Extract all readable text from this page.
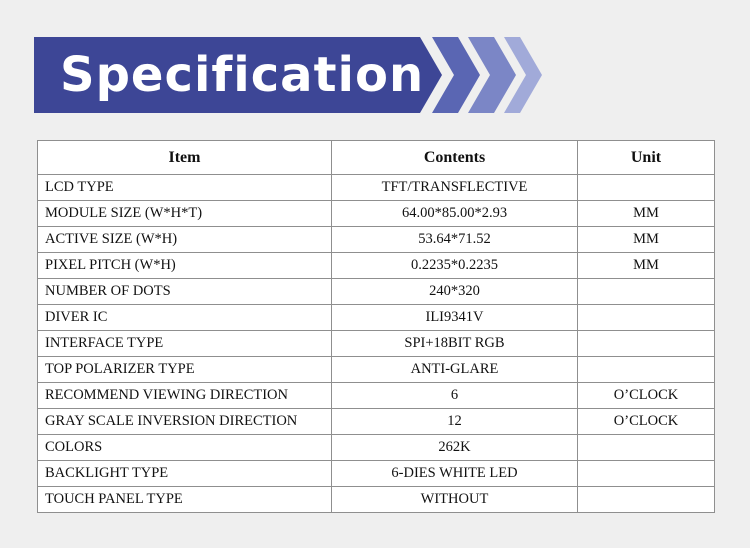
Specification
Item	Contents	Unit
LCD TYPE	TFT/TRANSFLECTIVE	
MODULE SIZE (W*H*T)	64.00*85.00*2.93	MM
ACTIVE SIZE (W*H)	53.64*71.52	MM
PIXEL PITCH (W*H)	0.2235*0.2235	MM
NUMBER OF DOTS	240*320	
DIVER IC	ILI9341V	
INTERFACE TYPE	SPI+18BIT RGB	
TOP POLARIZER TYPE	ANTI-GLARE	
RECOMMEND VIEWING DIRECTION	6	O’CLOCK
GRAY SCALE INVERSION DIRECTION	12	O’CLOCK
COLORS	262K	
BACKLIGHT TYPE	6-DIES WHITE LED	
TOUCH PANEL TYPE	WITHOUT	
